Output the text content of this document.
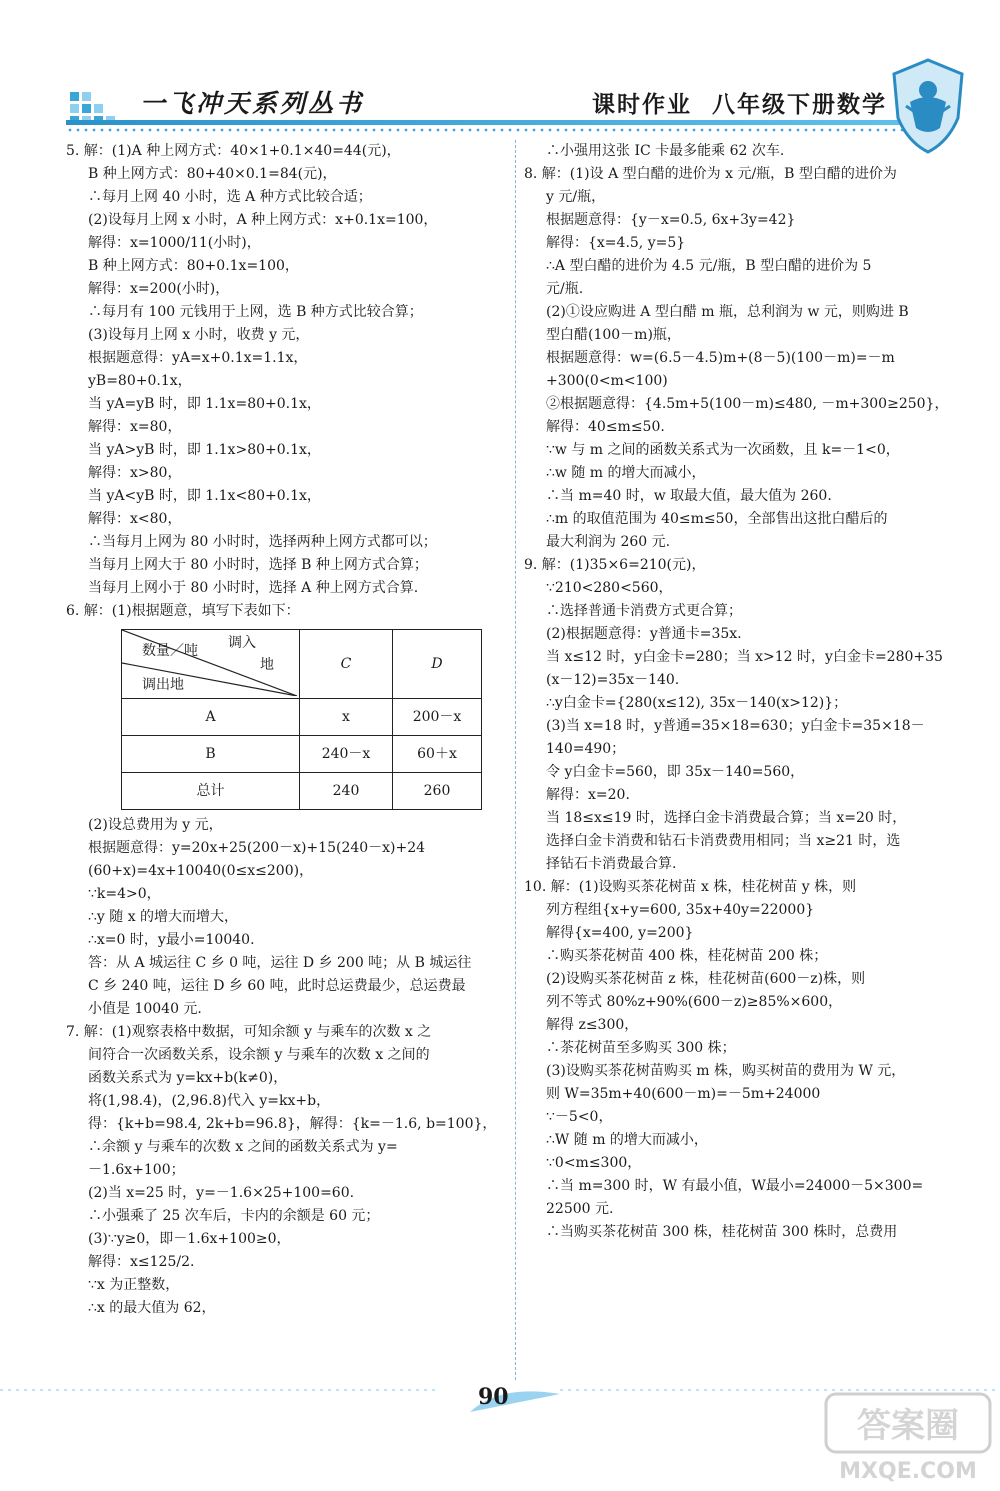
一飞冲天系列丛书	课时作业  八年级下册数学
5. 解：(1)A 种上网方式：40×1+0.1×40=44(元)，
B 种上网方式：80+40×0.1=84(元)，
∴每月上网 40 小时，选 A 种方式比较合适；
(2)设每月上网 x 小时，A 种上网方式：x+0.1x=100，
解得：x=1000/11(小时)，
B 种上网方式：80+0.1x=100，
解得：x=200(小时)，
∴每月有 100 元钱用于上网，选 B 种方式比较合算；
(3)设每月上网 x 小时，收费 y 元，
根据题意得：yA=x+0.1x=1.1x，
yB=80+0.1x，
当 yA=yB 时，即 1.1x=80+0.1x，
解得：x=80，
当 yA>yB 时，即 1.1x>80+0.1x，
解得：x>80，
当 yA<yB 时，即 1.1x<80+0.1x，
解得：x<80，
∴当每月上网为 80 小时时，选择两种上网方式都可以；
当每月上网大于 80 小时时，选择 B 种上网方式合算；
当每月上网小于 80 小时时，选择 A 种上网方式合算.
6. 解：(1)根据题意，填写下表如下：
调入
地
数量／吨
调出地	C	D
A	x	200－x
B	240－x	60＋x
总计	240	260
(2)设总费用为 y 元，
根据题意得：y=20x+25(200－x)+15(240－x)+24
(60+x)=4x+10040(0≤x≤200)，
∵k=4>0，
∴y 随 x 的增大而增大，
∴x=0 时，y最小=10040.
答：从 A 城运往 C 乡 0 吨，运往 D 乡 200 吨；从 B 城运往
C 乡 240 吨，运往 D 乡 60 吨，此时总运费最少，总运费最
小值是 10040 元.
7. 解：(1)观察表格中数据，可知余额 y 与乘车的次数 x 之
间符合一次函数关系，设余额 y 与乘车的次数 x 之间的
函数关系式为 y=kx+b(k≠0)，
将(1,98.4)，(2,96.8)代入 y=kx+b，
得：{k+b=98.4, 2k+b=96.8}，解得：{k=－1.6, b=100}，
∴余额 y 与乘车的次数 x 之间的函数关系式为 y=
－1.6x+100；
(2)当 x=25 时，y=－1.6×25+100=60.
∴小强乘了 25 次车后，卡内的余额是 60 元；
(3)∵y≥0，即－1.6x+100≥0，
解得：x≤125/2.
∵x 为正整数，
∴x 的最大值为 62，
∴小强用这张 IC 卡最多能乘 62 次车.
8. 解：(1)设 A 型白醋的进价为 x 元/瓶，B 型白醋的进价为
y 元/瓶，
根据题意得：{y－x=0.5, 6x+3y=42}
解得：{x=4.5, y=5}
∴A 型白醋的进价为 4.5 元/瓶，B 型白醋的进价为 5
元/瓶.
(2)①设应购进 A 型白醋 m 瓶，总利润为 w 元，则购进 B
型白醋(100－m)瓶，
根据题意得：w=(6.5－4.5)m+(8－5)(100－m)=－m
+300(0<m<100)
②根据题意得：{4.5m+5(100－m)≤480, －m+300≥250}，
解得：40≤m≤50.
∵w 与 m 之间的函数关系式为一次函数，且 k=－1<0，
∴w 随 m 的增大而减小，
∴当 m=40 时，w 取最大值，最大值为 260.
∴m 的取值范围为 40≤m≤50，全部售出这批白醋后的
最大利润为 260 元.
9. 解：(1)35×6=210(元)，
∵210<280<560，
∴选择普通卡消费方式更合算；
(2)根据题意得：y普通卡=35x.
当 x≤12 时，y白金卡=280；当 x>12 时，y白金卡=280+35
(x－12)=35x－140.
∴y白金卡={280(x≤12), 35x－140(x>12)}；
(3)当 x=18 时，y普通=35×18=630；y白金卡=35×18－
140=490；
令 y白金卡=560，即 35x－140=560，
解得：x=20.
当 18≤x≤19 时，选择白金卡消费最合算；当 x=20 时，
选择白金卡消费和钻石卡消费费用相同；当 x≥21 时，选
择钻石卡消费最合算.
10. 解：(1)设购买茶花树苗 x 株，桂花树苗 y 株，则
列方程组{x+y=600, 35x+40y=22000}
解得{x=400, y=200}
∴购买茶花树苗 400 株，桂花树苗 200 株；
(2)设购买茶花树苗 z 株，桂花树苗(600－z)株，则
列不等式 80%z+90%(600－z)≥85%×600，
解得 z≤300，
∴茶花树苗至多购买 300 株；
(3)设购买茶花树苗购买 m 株，购买树苗的费用为 W 元，
则 W=35m+40(600－m)=－5m+24000
∵－5<0，
∴W 随 m 的增大而减小，
∵0<m≤300，
∴当 m=300 时，W 有最小值，W最小=24000－5×300=
22500 元.
∴当购买茶花树苗 300 株，桂花树苗 300 株时，总费用
90
答案圈
MXQE.COM
